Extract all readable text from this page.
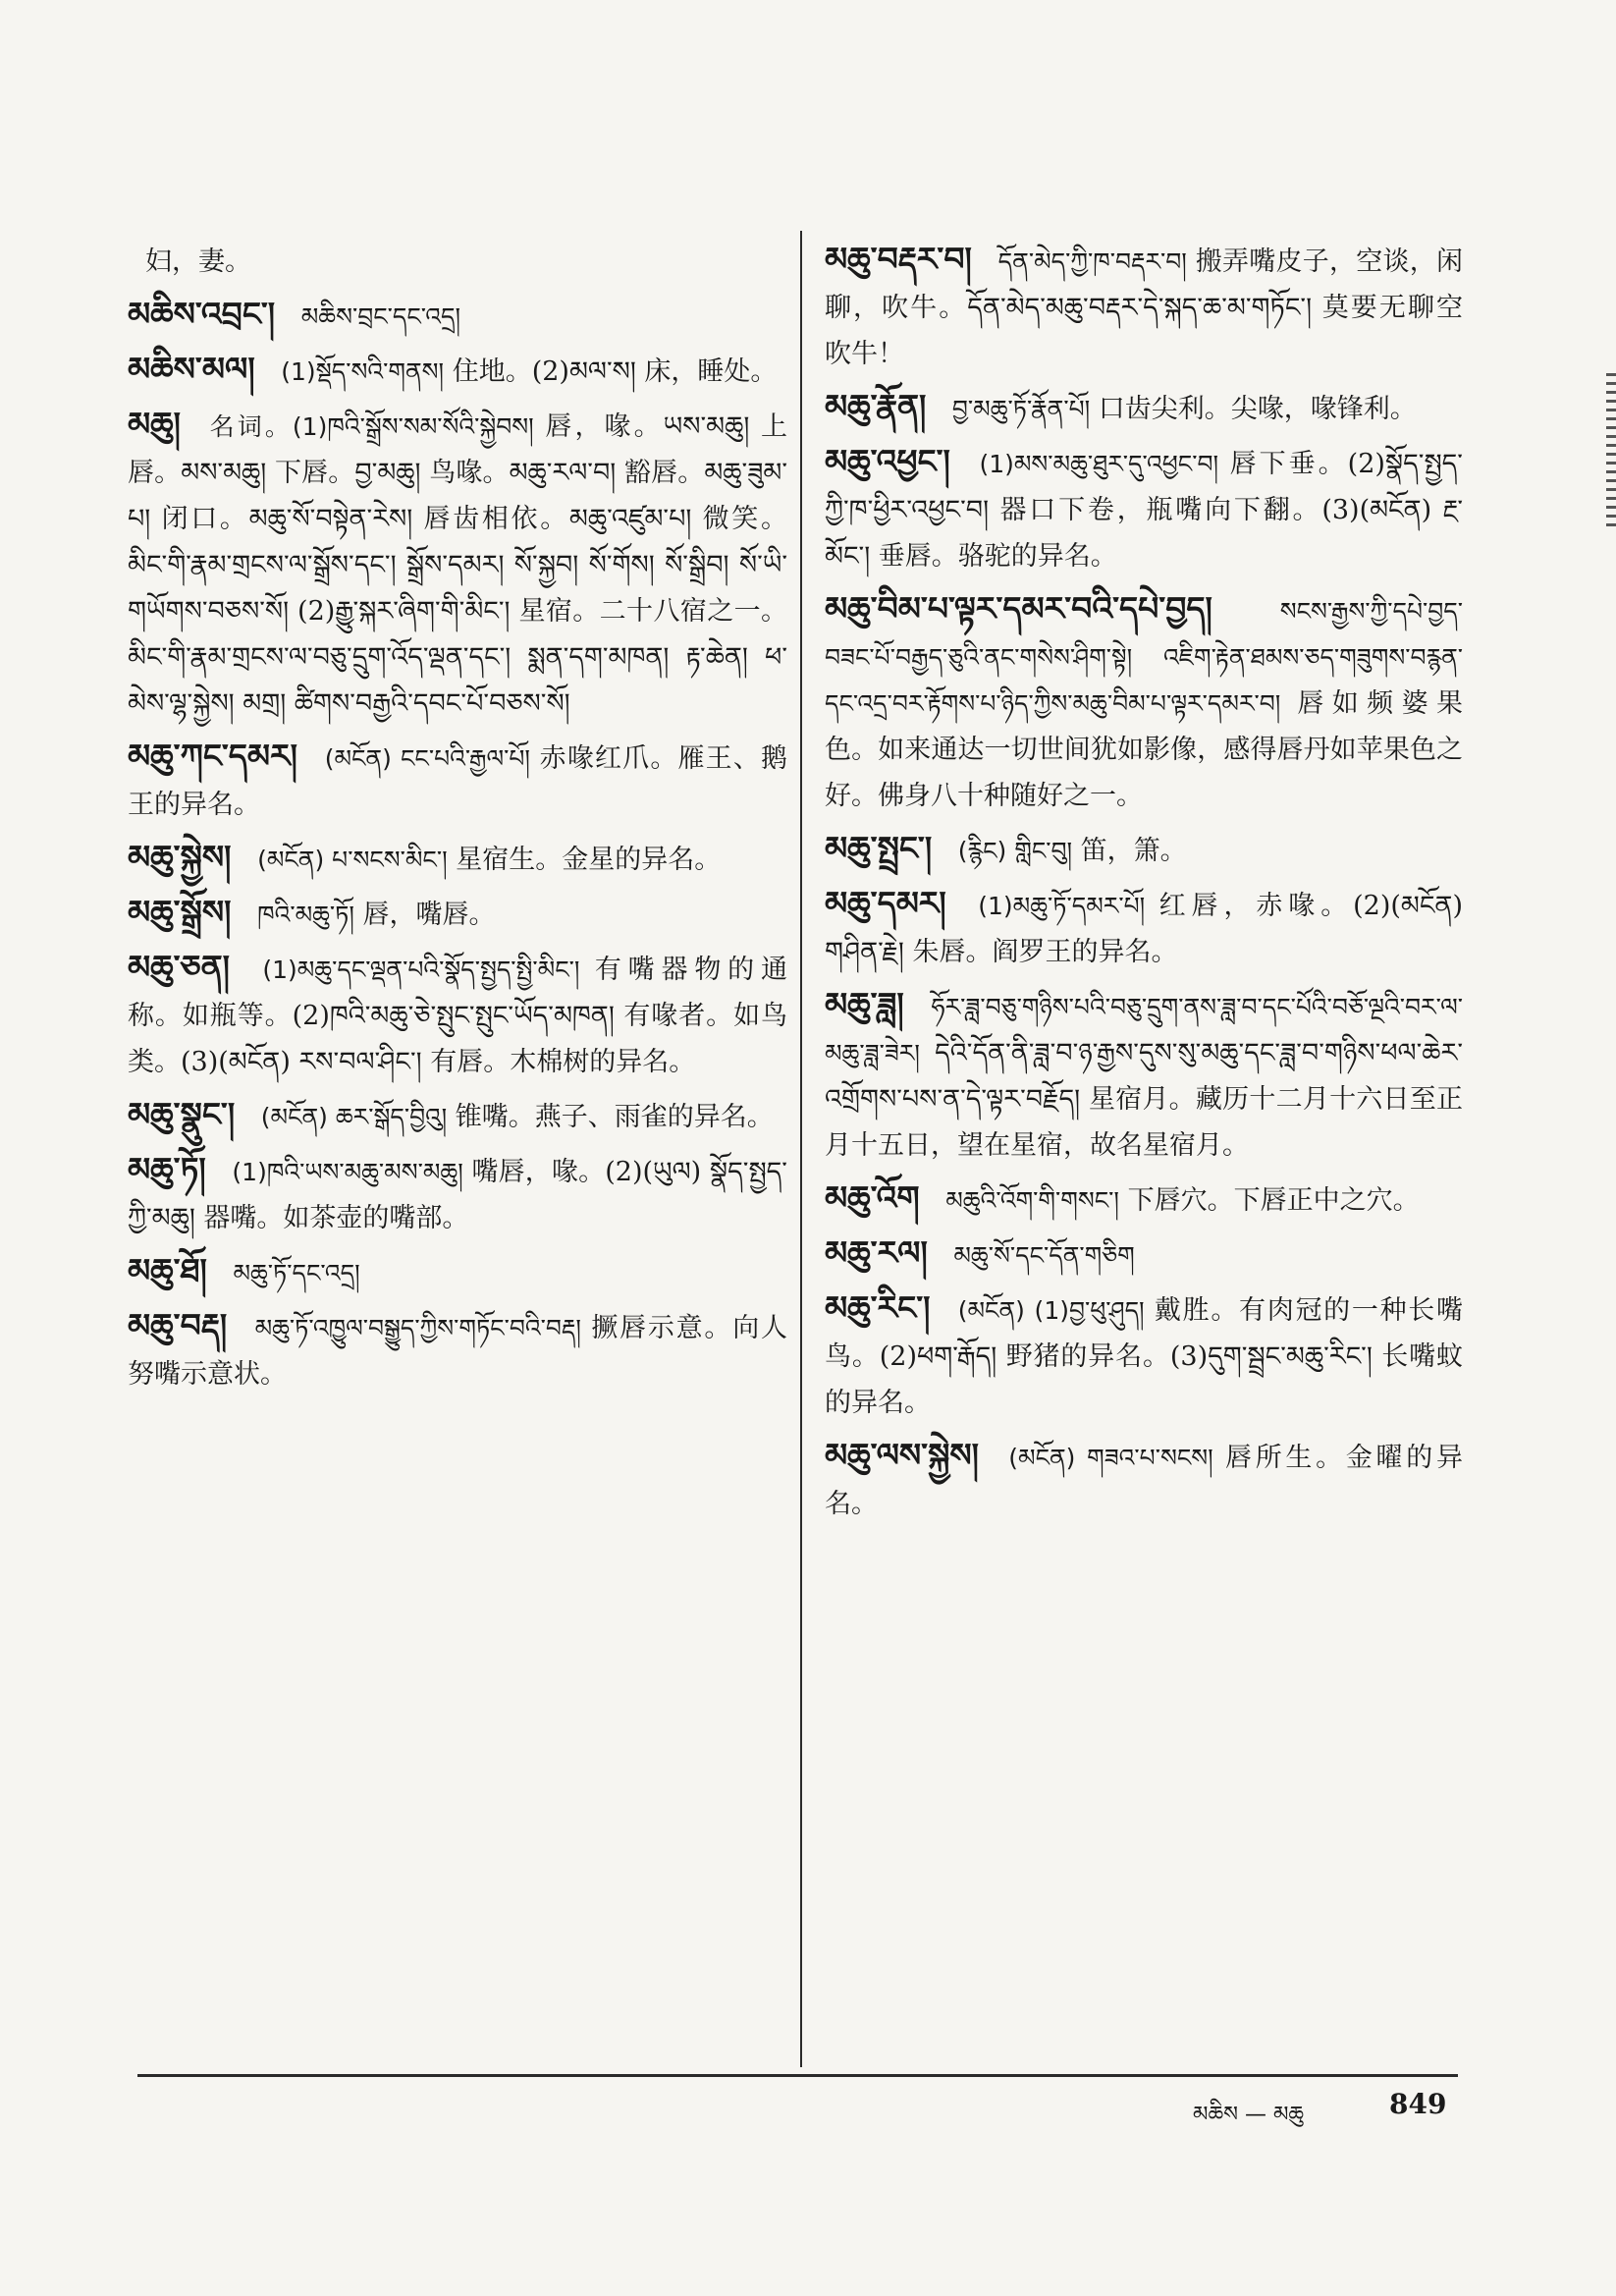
妇，妻。

མཆིས་འབྲང་། མཆིས་བྲང་དང་འདྲ།

མཆིས་མལ། (1)སྡོད་སའི་གནས། 住地。(2)མལ་ས། 床，睡处。

མཆུ། 名词。(1)ཁའི་སྒྲོས་སམ་སོའི་སྐྱེབས། 唇，喙。ཡས་མཆུ། 上唇。མས་མཆུ། 下唇。བྱ་མཆུ། 鸟喙。མཆུ་རལ་བ། 豁唇。མཆུ་ཟུམ་པ། 闭口。མཆུ་སོ་བསྟེན་རེས། 唇齿相依。མཆུ་འཛུམ་པ། 微笑。མིང་གི་རྣམ་གྲངས་ལ་སྒྲོས་དང་། སྒྲོས་དམར། སོ་སྐྱབ། སོ་གོས། སོ་སྒྲིབ། སོ་ཡི་གཡོགས་བཅས་སོ། (2)རྒྱུ་སྐར་ཞིག་གི་མིང་། 星宿。二十八宿之一。མིང་གི་རྣམ་གྲངས་ལ་བཅུ་དྲུག་འོད་ལྡན་དང་། སྨན་དག་མཁན། རྟ་ཆེན། ཕ་མེས་ལྷ་སྐྱེས། མགྲ། ཚིགས་བརྒྱའི་དབང་པོ་བཅས་སོ།

མཆུ་ཀང་དམར། (མངོན) ངང་པའི་རྒྱལ་པོ། 赤喙红爪。雁王、鹅王的异名。

མཆུ་སྐྱེས། (མངོན) པ་སངས་མིང་། 星宿生。金星的异名。

མཆུ་སྒྲོས། ཁའི་མཆུ་ཏོ། 唇，嘴唇。

མཆུ་ཅན། (1)མཆུ་དང་ལྡན་པའི་སྣོད་སྤྱད་སྤྱི་མིང་། 有嘴器物的通称。如瓶等。(2)ཁའི་མཆུ་ཅེ་སྤུང་སྤུང་ཡོད་མཁན། 有喙者。如鸟类。(3)(མངོན) རས་བལ་ཤིང་། 有唇。木棉树的异名。

མཆུ་སྣུང་། (མངོན) ཆར་སྒོད་བྱིའུ། 锥嘴。燕子、雨雀的异名。

མཆུ་ཏོ། (1)ཁའི་ཡས་མཆུ་མས་མཆུ། 嘴唇，喙。(2)(ཡུལ) སྣོད་སྤྱད་ཀྱི་མཆུ། 器嘴。如茶壶的嘴部。

མཆུ་ཐོ། མཆུ་ཏོ་དང་འདྲ།

མཆུ་བརྡ། མཆུ་ཏོ་འཁྱུལ་བསྒྱུད་ཀྱིས་གཏོང་བའི་བརྡ། 撅唇示意。向人努嘴示意状。

མཆུ་བརྡར་བ། དོན་མེད་ཀྱི་ཁ་བརྡར་བ། 搬弄嘴皮子，空谈，闲聊，吹牛。དོན་མེད་མཆུ་བརྡར་དེ་སྐད་ཆ་མ་གཏོང་། 莫要无聊空吹牛！

མཆུ་རྣོན། བྱ་མཆུ་ཏོ་རྣོན་པོ། 口齿尖利。尖喙，喙锋利。

མཆུ་འཕྱང་། (1)མས་མཆུ་ཐུར་དུ་འཕྱང་བ། 唇下垂。(2)སྣོད་སྤྱད་ཀྱི་ཁ་ཕྱིར་འཕྱང་བ། 器口下卷，瓶嘴向下翻。(3)(མངོན) རྔ་མོང་། 垂唇。骆驼的异名。

མཆུ་བིམ་པ་ལྟར་དམར་བའི་དཔེ་བྱད།	སངས་རྒྱས་ཀྱི་དཔེ་བྱད་བཟང་པོ་བརྒྱད་ཅུའི་ནང་གསེས་ཤིག་སྟེ། འཇིག་རྟེན་ཐམས་ཅད་གཟུགས་བརྙན་དང་འདྲ་བར་རྟོགས་པ་ཉིད་ཀྱིས་མཆུ་བིམ་པ་ལྟར་དམར་བ། 唇如频婆果色。如来通达一切世间犹如影像，感得唇丹如苹果色之好。佛身八十种随好之一。

མཆུ་སྤྲང་། (རྙིང) གླིང་བུ། 笛，箫。

མཆུ་དམར། (1)མཆུ་ཏོ་དམར་པོ། 红唇，赤喙。(2)(མངོན) གཤིན་རྗེ། 朱唇。阎罗王的异名。

མཆུ་ཟླ། ཧོར་ཟླ་བཅུ་གཉིས་པའི་བཅུ་དྲུག་ནས་ཟླ་བ་དང་པོའི་བཅོ་ལྔའི་བར་ལ་མཆུ་ཟླ་ཟེར། དེའི་དོན་ནི་ཟླ་བ་ཉ་རྒྱས་དུས་སུ་མཆུ་དང་ཟླ་བ་གཉིས་ཕལ་ཆེར་འགྲོགས་པས་ན་དེ་ལྟར་བརྗོད། 星宿月。藏历十二月十六日至正月十五日，望在星宿，故名星宿月。

མཆུ་འོག མཆུའི་འོག་གི་གསང་། 下唇穴。下唇正中之穴。

མཆུ་རལ། མཆུ་སོ་དང་དོན་གཅིག

མཆུ་རིང་། (མངོན) (1)བྱ་ཕུ་ཤུད། 戴胜。有肉冠的一种长嘴鸟。(2)ཕག་རྒོད། 野猪的异名。(3)དུག་སྦྲང་མཆུ་རིང་། 长嘴蚊的异名。

མཆུ་ལས་སྐྱེས། (མངོན) གཟའ་པ་སངས། 唇所生。金曜的异名。

མཆིས — མཆུ	849
